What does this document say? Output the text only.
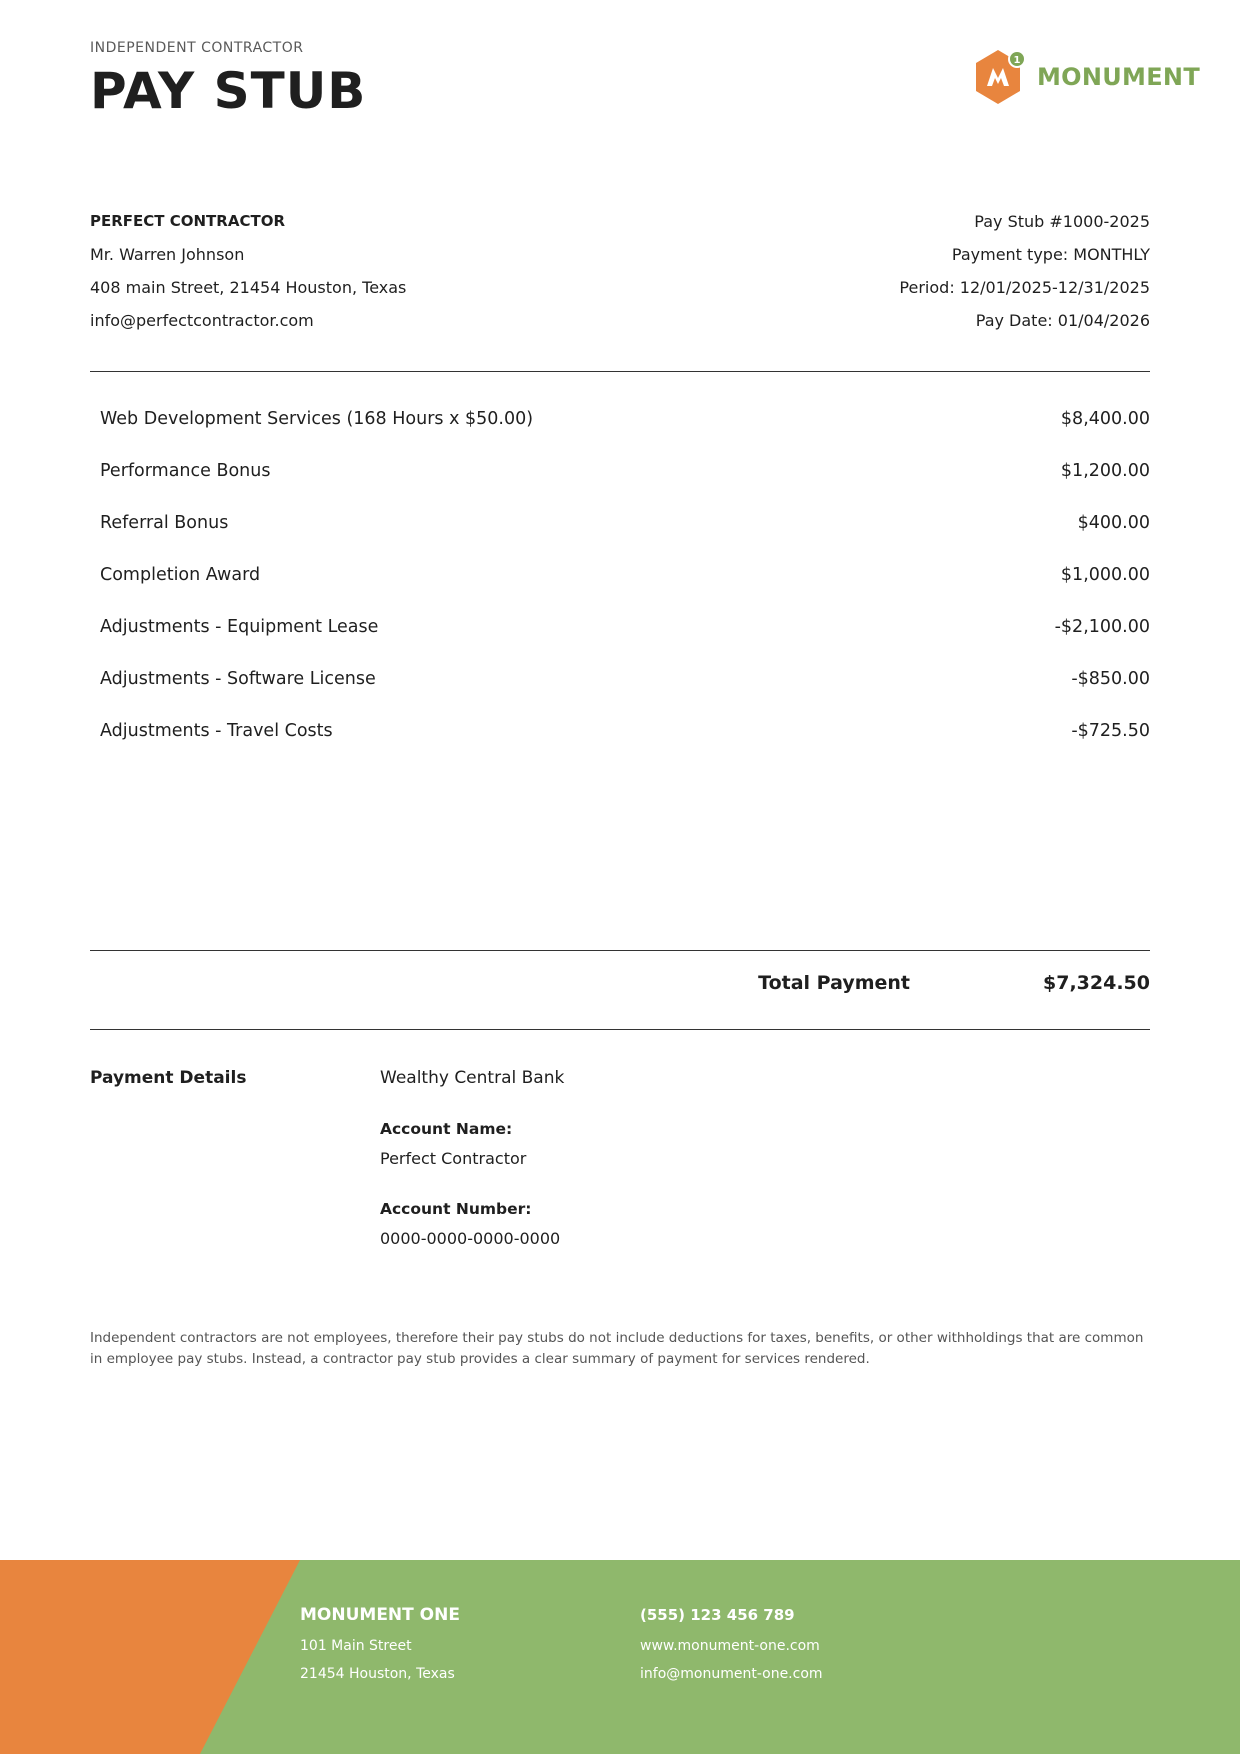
INDEPENDENT CONTRACTOR
PAY STUB
1
MONUMENT
PERFECT CONTRACTOR
Mr. Warren Johnson
408 main Street, 21454 Houston, Texas
info@perfectcontractor.com
Pay Stub #1000-2025
Payment type: MONTHLY
Period: 12/01/2025-12/31/2025
Pay Date: 01/04/2026
Web Development Services (168 Hours x $50.00)	$8,400.00
Performance Bonus	$1,200.00
Referral Bonus	$400.00
Completion Award	$1,000.00
Adjustments - Equipment Lease	-$2,100.00
Adjustments - Software License	-$850.00
Adjustments - Travel Costs	-$725.50
Total Payment	$7,324.50
Payment Details	Wealthy Central Bank
Account Name:
Perfect Contractor
Account Number:
0000-0000-0000-0000
Independent contractors are not employees, therefore their pay stubs do not include deductions for taxes, benefits, or other withholdings that are common in employee pay stubs. Instead, a contractor pay stub provides a clear summary of payment for services rendered.
MONUMENT ONE
101 Main Street
21454 Houston, Texas
(555) 123 456 789
www.monument-one.com
info@monument-one.com
